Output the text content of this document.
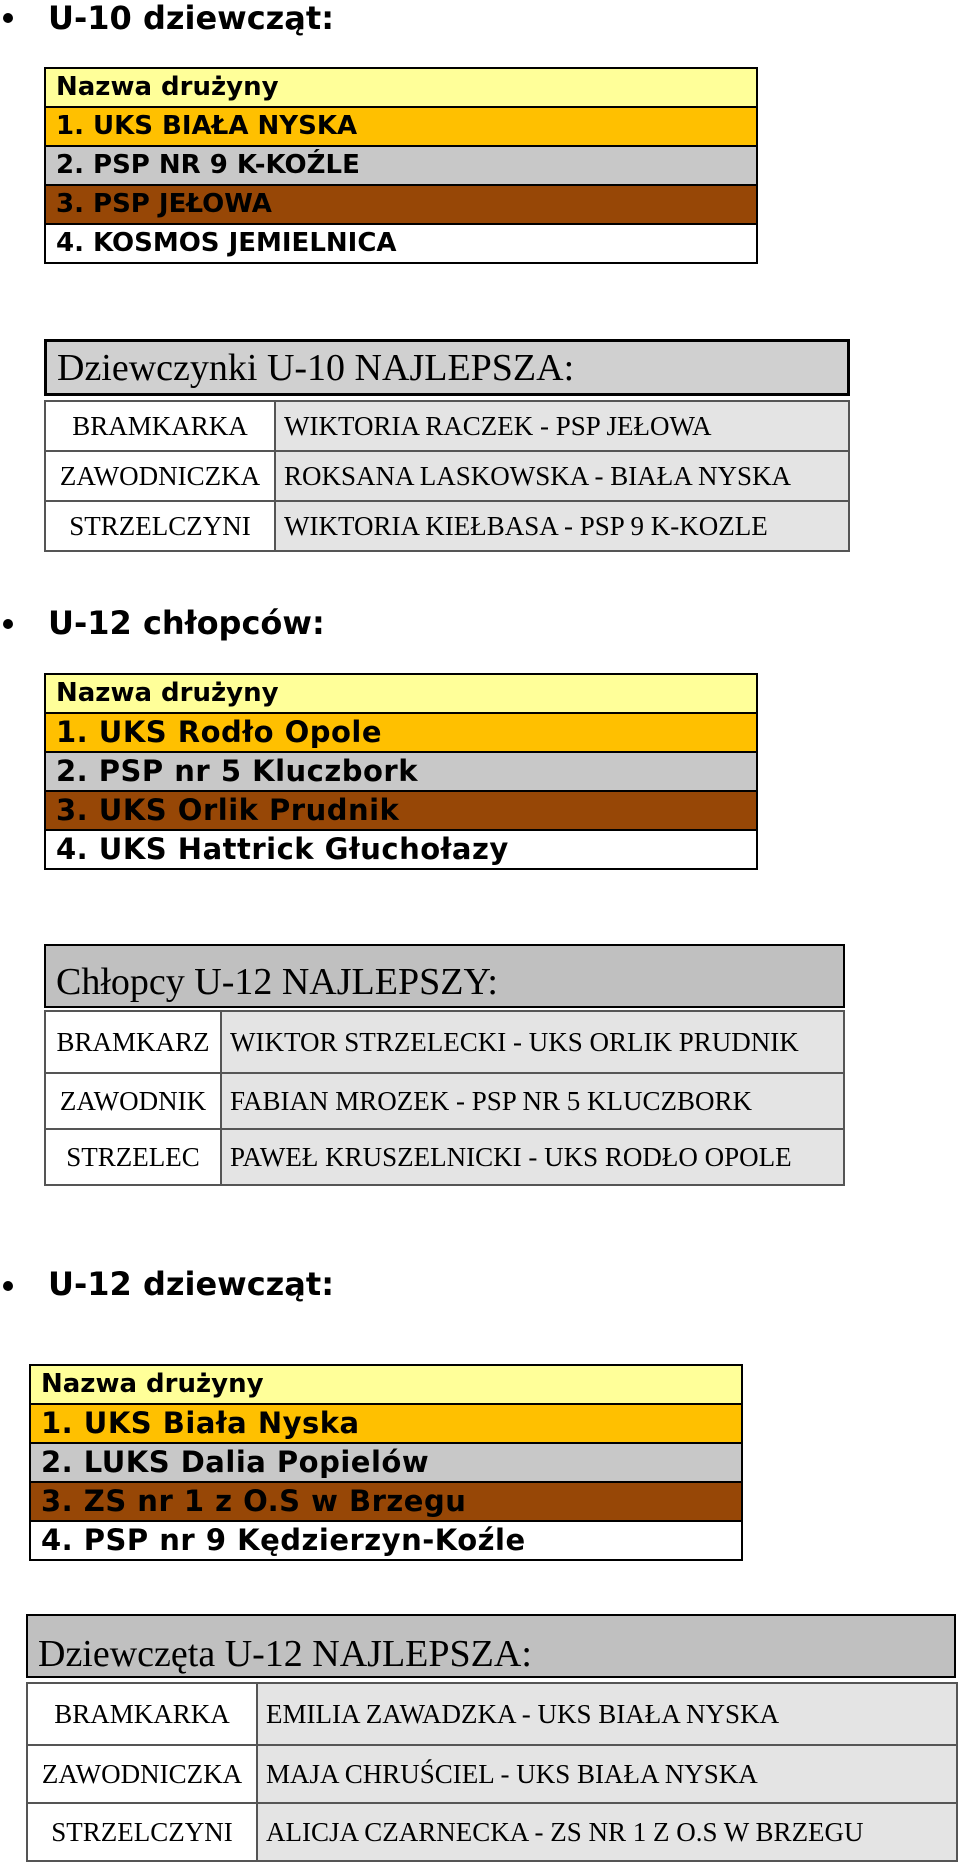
U-10 dziewcząt:
Nazwa drużyny
1. UKS BIAŁA NYSKA
2. PSP NR 9 K-KOŹLE
3. PSP JEŁOWA
4. KOSMOS JEMIELNICA
Dziewczynki U-10 NAJLEPSZA:
BRAMKARKA	WIKTORIA RACZEK - PSP JEŁOWA
ZAWODNICZKA	ROKSANA LASKOWSKA - BIAŁA NYSKA
STRZELCZYNI	WIKTORIA KIEŁBASA - PSP 9 K-KOZLE
U-12 chłopców:
Nazwa drużyny
1. UKS Rodło Opole
2. PSP nr 5 Kluczbork
3. UKS Orlik Prudnik
4. UKS Hattrick Głuchołazy
Chłopcy U-12 NAJLEPSZY:
BRAMKARZ	WIKTOR STRZELECKI - UKS ORLIK PRUDNIK
ZAWODNIK	FABIAN MROZEK - PSP NR 5 KLUCZBORK
STRZELEC	PAWEŁ KRUSZELNICKI - UKS RODŁO OPOLE
U-12 dziewcząt:
Nazwa drużyny
1. UKS Biała Nyska
2. LUKS Dalia Popielów
3. ZS nr 1 z O.S w Brzegu
4. PSP nr 9 Kędzierzyn-Koźle
Dziewczęta U-12 NAJLEPSZA:
BRAMKARKA	EMILIA ZAWADZKA - UKS BIAŁA NYSKA
ZAWODNICZKA	MAJA CHRUŚCIEL - UKS BIAŁA NYSKA
STRZELCZYNI	ALICJA CZARNECKA - ZS NR 1 Z O.S W BRZEGU
